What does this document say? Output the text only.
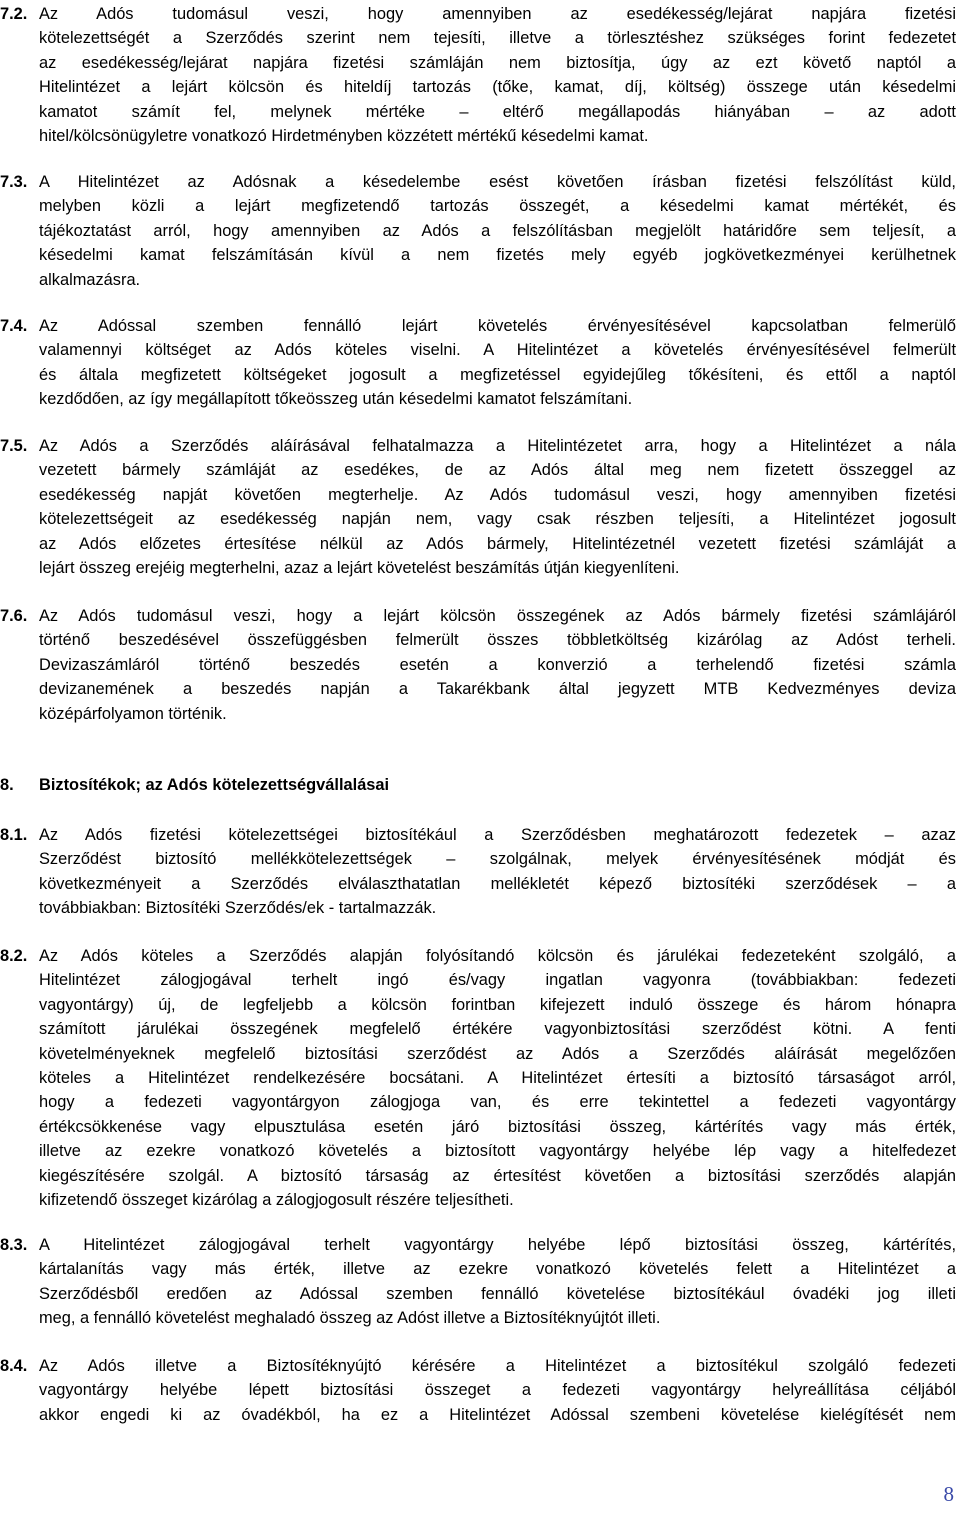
7.2. Az Adós tudomásul veszi, hogy amennyiben az esedékesség/lejárat napjára fizetési
kötelezettségét a Szerződés szerint nem tejesíti, illetve a törlesztéshez szükséges forint fedezetet
az esedékesség/lejárat napjára fizetési számláján nem biztosítja, úgy az ezt követő naptól a
Hitelintézet a lejárt kölcsön és hiteldíj tartozás (tőke, kamat, díj, költség) összege után késedelmi
kamatot számít fel, melynek mértéke – eltérő megállapodás hiányában – az adott
hitel/kölcsönügyletre vonatkozó Hirdetményben közzétett mértékű késedelmi kamat.
7.3. A Hitelintézet az Adósnak a késedelembe esést követően írásban fizetési felszólítást küld,
melyben közli a lejárt megfizetendő tartozás összegét, a késedelmi kamat mértékét, és
tájékoztatást arról, hogy amennyiben az Adós a felszólításban megjelölt határidőre sem teljesít, a
késedelmi kamat felszámításán kívül a nem fizetés mely egyéb jogkövetkezményei kerülhetnek
alkalmazásra.
7.4. Az Adóssal szemben fennálló lejárt követelés érvényesítésével kapcsolatban felmerülő
valamennyi költséget az Adós köteles viselni. A Hitelintézet a követelés érvényesítésével felmerült
és általa megfizetett költségeket jogosult a megfizetéssel egyidejűleg tőkésíteni, és ettől a naptól
kezdődően, az így megállapított tőkeösszeg után késedelmi kamatot felszámítani.
7.5. Az Adós a Szerződés aláírásával felhatalmazza a Hitelintézetet arra, hogy a Hitelintézet a nála
vezetett bármely számláját az esedékes, de az Adós által meg nem fizetett összeggel az
esedékesség napját követően megterhelje. Az Adós tudomásul veszi, hogy amennyiben fizetési
kötelezettségeit az esedékesség napján nem, vagy csak részben teljesíti, a Hitelintézet jogosult
az Adós előzetes értesítése nélkül az Adós bármely, Hitelintézetnél vezetett fizetési számláját a
lejárt összeg erejéig megterhelni, azaz a lejárt követelést beszámítás útján kiegyenlíteni.
7.6. Az Adós tudomásul veszi, hogy a lejárt kölcsön összegének az Adós bármely fizetési számlájáról
történő beszedésével összefüggésben felmerült összes többletköltség kizárólag az Adóst terheli.
Devizaszámláról történő beszedés esetén a konverzió a terhelendő fizetési számla
devizanemének a beszedés napján a Takarékbank által jegyzett MTB Kedvezményes deviza
középárfolyamon történik.
8. Biztosítékok; az Adós kötelezettségvállalásai
8.1. Az Adós fizetési kötelezettségei biztosítékául a Szerződésben meghatározott fedezetek – azaz
Szerződést biztosító mellékkötelezettségek – szolgálnak, melyek érvényesítésének módját és
következményeit a Szerződés elválaszthatatlan mellékletét képező biztosítéki szerződések – a
továbbiakban: Biztosítéki Szerződés/ek - tartalmazzák.
8.2. Az Adós köteles a Szerződés alapján folyósítandó kölcsön és járulékai fedezeteként szolgáló, a
Hitelintézet zálogjogával terhelt ingó és/vagy ingatlan vagyonra (továbbiakban: fedezeti
vagyontárgy) új, de legfeljebb a kölcsön forintban kifejezett induló összege és három hónapra
számított járulékai összegének megfelelő értékére vagyonbiztosítási szerződést kötni. A fenti
követelményeknek megfelelő biztosítási szerződést az Adós a Szerződés aláírását megelőzően
köteles a Hitelintézet rendelkezésére bocsátani. A Hitelintézet értesíti a biztosító társaságot arról,
hogy a fedezeti vagyontárgyon zálogjoga van, és erre tekintettel a fedezeti vagyontárgy
értékcsökkenése vagy elpusztulása esetén járó biztosítási összeg, kártérítés vagy más érték,
illetve az ezekre vonatkozó követelés a biztosított vagyontárgy helyébe lép vagy a hitelfedezet
kiegészítésére szolgál. A biztosító társaság az értesítést követően a biztosítási szerződés alapján
kifizetendő összeget kizárólag a zálogjogosult részére teljesítheti.
8.3. A Hitelintézet zálogjogával terhelt vagyontárgy helyébe lépő biztosítási összeg, kártérítés,
kártalanítás vagy más érték, illetve az ezekre vonatkozó követelés felett a Hitelintézet a
Szerződésből eredően az Adóssal szemben fennálló követelése biztosítékául óvadéki jog illeti
meg, a fennálló követelést meghaladó összeg az Adóst illetve a Biztosítéknyújtót illeti.
8.4. Az Adós illetve a Biztosítéknyújtó kérésére a Hitelintézet a biztosítékul szolgáló fedezeti
vagyontárgy helyébe lépett biztosítási összeget a fedezeti vagyontárgy helyreállítása céljából
akkor engedi ki az óvadékból, ha ez a Hitelintézet Adóssal szembeni követelése kielégítését nem
8
